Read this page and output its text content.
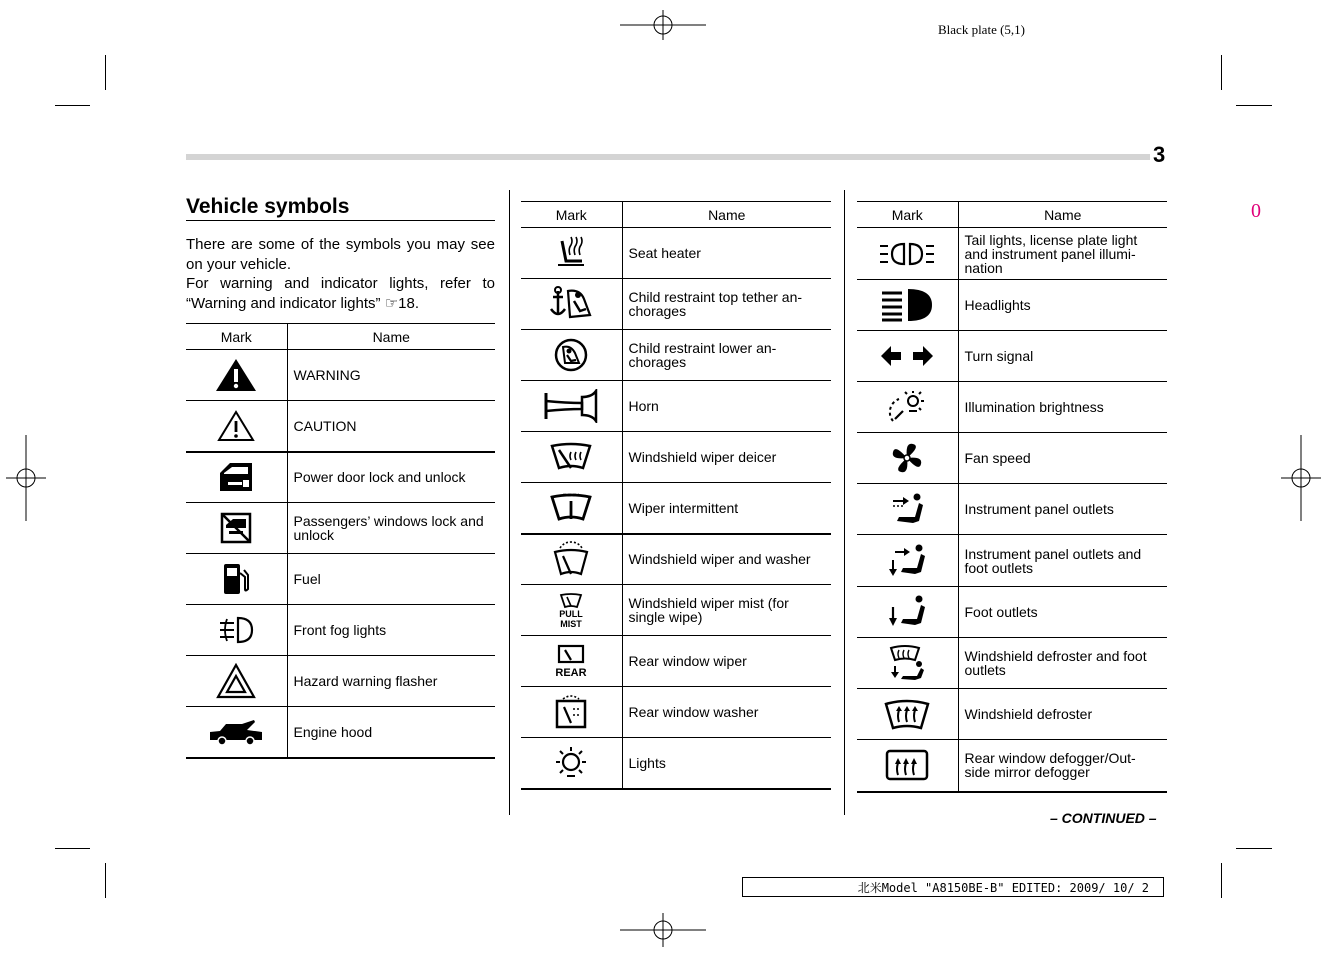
Black plate (5,1)
0
3
Vehicle symbols

There are some of the symbols you may see on your vehicle.

For warning and indicator lights, refer to “Warning and indicator lights” ☞18.

Mark	Name

	WARNING

	CAUTION

	Power door lock and unlock

	Passengers’ windows lock and unlock

	Fuel

	Front fog lights

	Hazard warning flasher

	Engine hood
Mark	Name

	Seat heater

	Child restraint top tether an-chorages

	Child restraint lower an-chorages

	Horn

	Windshield wiper deicer

	Wiper intermittent

	Windshield wiper and washer

PULL
MIST	Windshield wiper mist (for single wipe)

REAR	Rear window wiper

	Rear window washer

	Lights
Mark	Name

	Tail lights, license plate light and instrument panel illumi-nation

	Headlights

	Turn signal

	Illumination brightness

	Fan speed

	Instrument panel outlets

	Instrument panel outlets and foot outlets

	Foot outlets

	Windshield defroster and foot outlets

	Windshield defroster

	Rear window defogger/Out-side mirror defogger
– CONTINUED –
北米Model "A8150BE-B" EDITED: 2009/ 10/ 2
